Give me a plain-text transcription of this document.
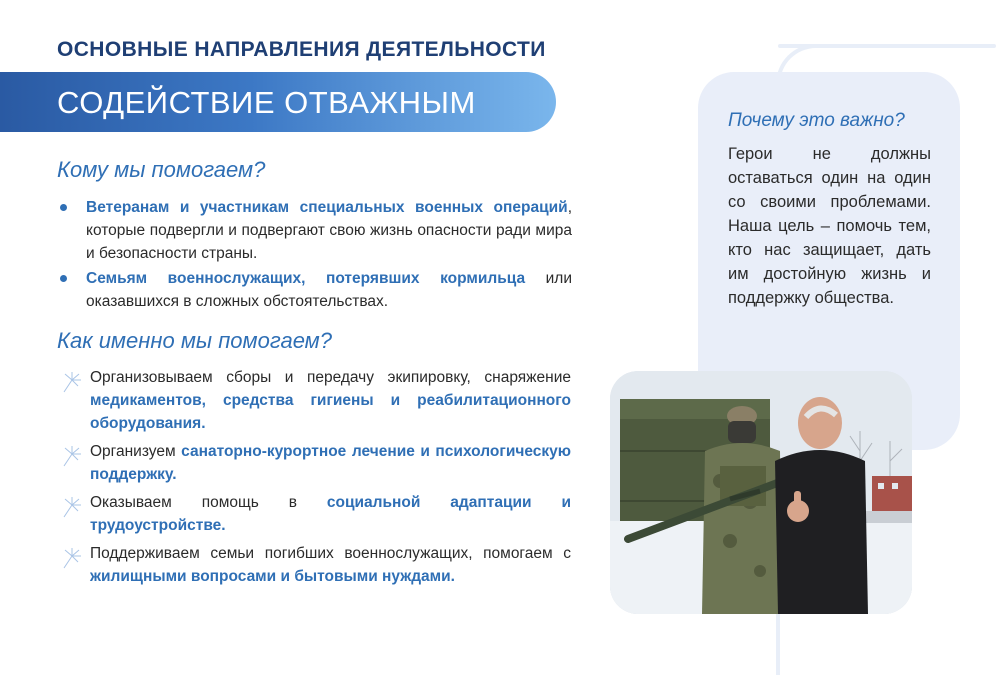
ОСНОВНЫЕ НАПРАВЛЕНИЯ ДЕЯТЕЛЬНОСТИ
СОДЕЙСТВИЕ ОТВАЖНЫМ
Кому мы помогаем?
Ветеранам и участникам специальных военных операций, которые подвергли и подвергают свою жизнь опасности ради мира и безопасности страны.
Семьям военнослужащих, потерявших кормильца или оказавшихся в сложных обстоятельствах.
Как именно мы помогаем?
Организовываем сборы и передачу экипировку, снаряжение медикаментов, средства гигиены и реабилитационного оборудования.
Организуем санаторно-курортное лечение и психологическую поддержку.
Оказываем помощь в социальной адаптации и трудоустройстве.
Поддерживаем семьи погибших военнослужащих, помогаем с жилищными вопросами и бытовыми нуждами.
Почему это важно?
Герои не должны оставаться один на один со своими проблемами. Наша цель – помочь тем, кто нас защищает, дать им достойную жизнь и поддержку общества.
